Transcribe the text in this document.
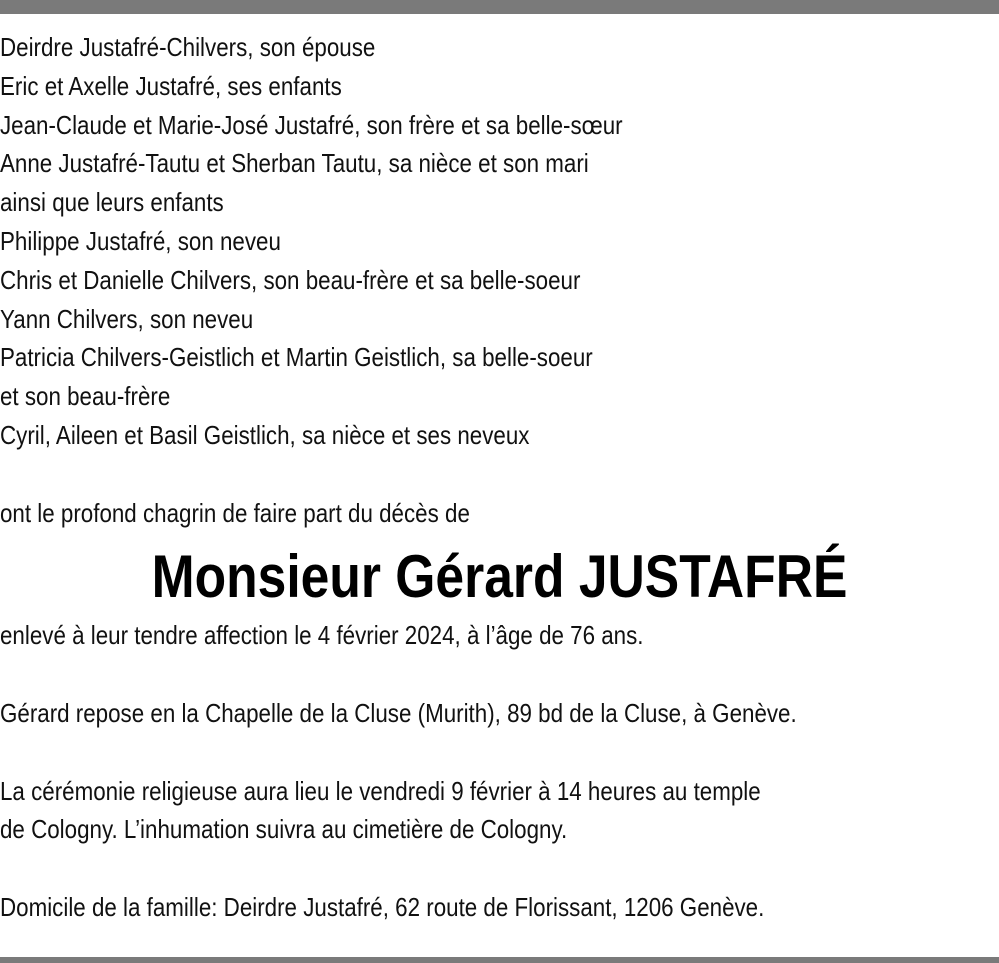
Deirdre Justafré-Chilvers, son épouse
Eric et Axelle Justafré, ses enfants
Jean-Claude et Marie-José Justafré, son frère et sa belle-sœur
Anne Justafré-Tautu et Sherban Tautu, sa nièce et son mari
ainsi que leurs enfants
Philippe Justafré, son neveu
Chris et Danielle Chilvers, son beau-frère et sa belle-soeur
Yann Chilvers, son neveu
Patricia Chilvers-Geistlich et Martin Geistlich, sa belle-soeur
et son beau-frère
Cyril, Aileen et Basil Geistlich, sa nièce et ses neveux
ont le profond chagrin de faire part du décès de
Monsieur Gérard JUSTAFRÉ
enlevé à leur tendre affection le 4 février 2024, à l’âge de 76 ans.
Gérard repose en la Chapelle de la Cluse (Murith), 89 bd de la Cluse, à Genève.
La cérémonie religieuse aura lieu le vendredi 9 février à 14 heures au temple
de Cologny. L’inhumation suivra au cimetière de Cologny.
Domicile de la famille: Deirdre Justafré, 62 route de Florissant, 1206 Genève.
